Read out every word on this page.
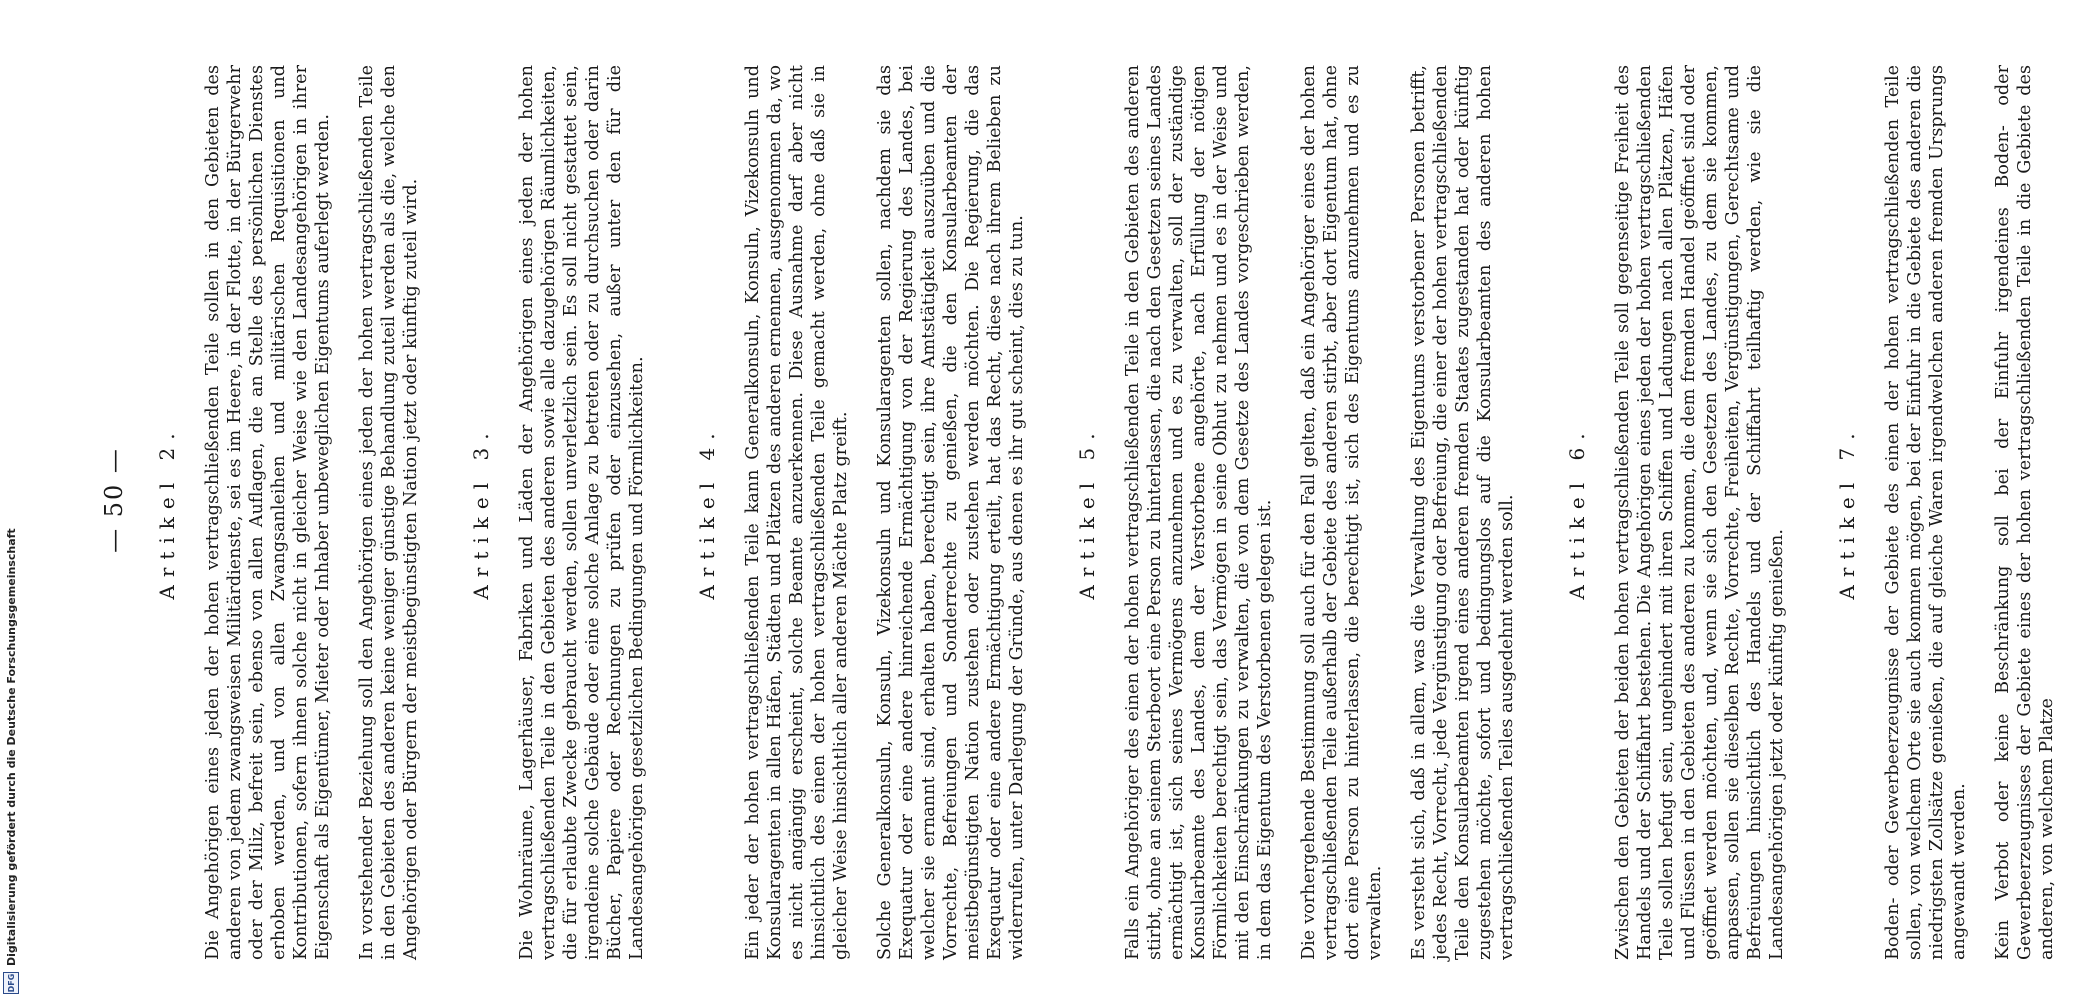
DFG
Digitalisierung gefördert durch die Deutsche Forschungsgemeinschaft
— 50 — Artikel 2. Die Angehörigen eines jeden der hohen vertragschließenden Teile sollen in den Gebieten des anderen von jedem zwangsweisen Militärdienste, sei es im Heere, in der Flotte, in der Bürgerwehr oder der Miliz, befreit sein, ebenso von allen Auflagen, die an Stelle des persönlichen Dienstes erhoben werden, und von allen Zwangsanleihen und militärischen Requisitionen und Kontributionen, sofern ihnen solche nicht in gleicher Weise wie den Landesangehörigen in ihrer Eigenschaft als Eigentümer, Mieter oder Inhaber unbeweglichen Eigentums auferlegt werden. In vorstehender Beziehung soll den Angehörigen eines jeden der hohen vertragschließenden Teile in den Gebieten des anderen keine weniger günstige Behandlung zuteil werden als die, welche den Angehörigen oder Bürgern der meistbegünstigten Nation jetzt oder künftig zuteil wird. Artikel 3. Die Wohnräume, Lagerhäuser, Fabriken und Läden der Angehörigen eines jeden der hohen vertragschließenden Teile in den Gebieten des anderen sowie alle dazugehörigen Räumlichkeiten, die für erlaubte Zwecke gebraucht werden, sollen unverletzlich sein. Es soll nicht gestattet sein, irgendeine solche Gebäude oder eine solche Anlage zu betreten oder zu durchsuchen oder darin Bücher, Papiere oder Rechnungen zu prüfen oder einzusehen, außer unter den für die Landesangehörigen gesetzlichen Bedingungen und Förmlichkeiten. Artikel 4. Ein jeder der hohen vertragschließenden Teile kann Generalkonsuln, Konsuln, Vizekonsuln und Konsularagenten in allen Häfen, Städten und Plätzen des anderen ernennen, ausgenommen da, wo es nicht angängig erscheint, solche Beamte anzuerkennen. Diese Ausnahme darf aber nicht hinsichtlich des einen der hohen vertragschließenden Teile gemacht werden, ohne daß sie in gleicher Weise hinsichtlich aller anderen Mächte Platz greift. Solche Generalkonsuln, Konsuln, Vizekonsuln und Konsularagenten sollen, nachdem sie das Exequatur oder eine andere hinreichende Ermächtigung von der Regierung des Landes, bei welcher sie ernannt sind, erhalten haben, berechtigt sein, ihre Amtstätigkeit auszuüben und die Vorrechte, Befreiungen und Sonderrechte zu genießen, die den Konsularbeamten der meistbegünstigten Nation zustehen oder zustehen werden möchten. Die Regierung, die das Exequatur oder eine andere Ermächtigung erteilt, hat das Recht, diese nach ihrem Belieben zu widerrufen, unter Darlegung der Gründe, aus denen es ihr gut scheint, dies zu tun. Artikel 5. Falls ein Angehöriger des einen der hohen vertragschließenden Teile in den Gebieten des anderen stirbt, ohne an seinem Sterbeort eine Person zu hinterlassen, die nach den Gesetzen seines Landes ermächtigt ist, sich seines Vermögens anzunehmen und es zu verwalten, soll der zuständige Konsularbeamte des Landes, dem der Verstorbene angehörte, nach Erfüllung der nötigen Förmlichkeiten berechtigt sein, das Vermögen in seine Obhut zu nehmen und es in der Weise und mit den Einschränkungen zu verwalten, die von dem Gesetze des Landes vorgeschrieben werden, in dem das Eigentum des Verstorbenen gelegen ist. Die vorhergehende Bestimmung soll auch für den Fall gelten, daß ein Angehöriger eines der hohen vertragschließenden Teile außerhalb der Gebiete des anderen stirbt, aber dort Eigentum hat, ohne dort eine Person zu hinterlassen, die berechtigt ist, sich des Eigentums anzunehmen und es zu verwalten. Es versteht sich, daß in allem, was die Verwaltung des Eigentums verstorbener Personen betrifft, jedes Recht, Vorrecht, jede Vergünstigung oder Befreiung, die einer der hohen vertragschließenden Teile den Konsularbeamten irgend eines anderen fremden Staates zugestanden hat oder künftig zugestehen möchte, sofort und bedingungslos auf die Konsularbeamten des anderen hohen vertragschließenden Teiles ausgedehnt werden soll. Artikel 6. Zwischen den Gebieten der beiden hohen vertragschließenden Teile soll gegenseitige Freiheit des Handels und der Schiffahrt bestehen. Die Angehörigen eines jeden der hohen vertragschließenden Teile sollen befugt sein, ungehindert mit ihren Schiffen und Ladungen nach allen Plätzen, Häfen und Flüssen in den Gebieten des anderen zu kommen, die dem fremden Handel geöffnet sind oder geöffnet werden möchten, und, wenn sie sich den Gesetzen des Landes, zu dem sie kommen, anpassen, sollen sie dieselben Rechte, Vorrechte, Freiheiten, Vergünstigungen, Gerechtsame und Befreiungen hinsichtlich des Handels und der Schiffahrt teilhaftig werden, wie sie die Landesangehörigen jetzt oder künftig genießen.

Artikel 7. Boden- oder Gewerbeerzeugnisse der Gebiete des einen der hohen vertragschließenden Teile sollen, von welchem Orte sie auch kommen mögen, bei der Einfuhr in die Gebiete des anderen die niedrigsten Zollsätze genießen, die auf gleiche Waren irgendwelchen anderen fremden Ursprungs angewandt werden. Kein Verbot oder keine Beschränkung soll bei der Einfuhr irgendeines Boden- oder Gewerbeerzeugnisses der Gebiete eines der hohen vertragschließenden Teile in die Gebiete des anderen, von welchem Platze
